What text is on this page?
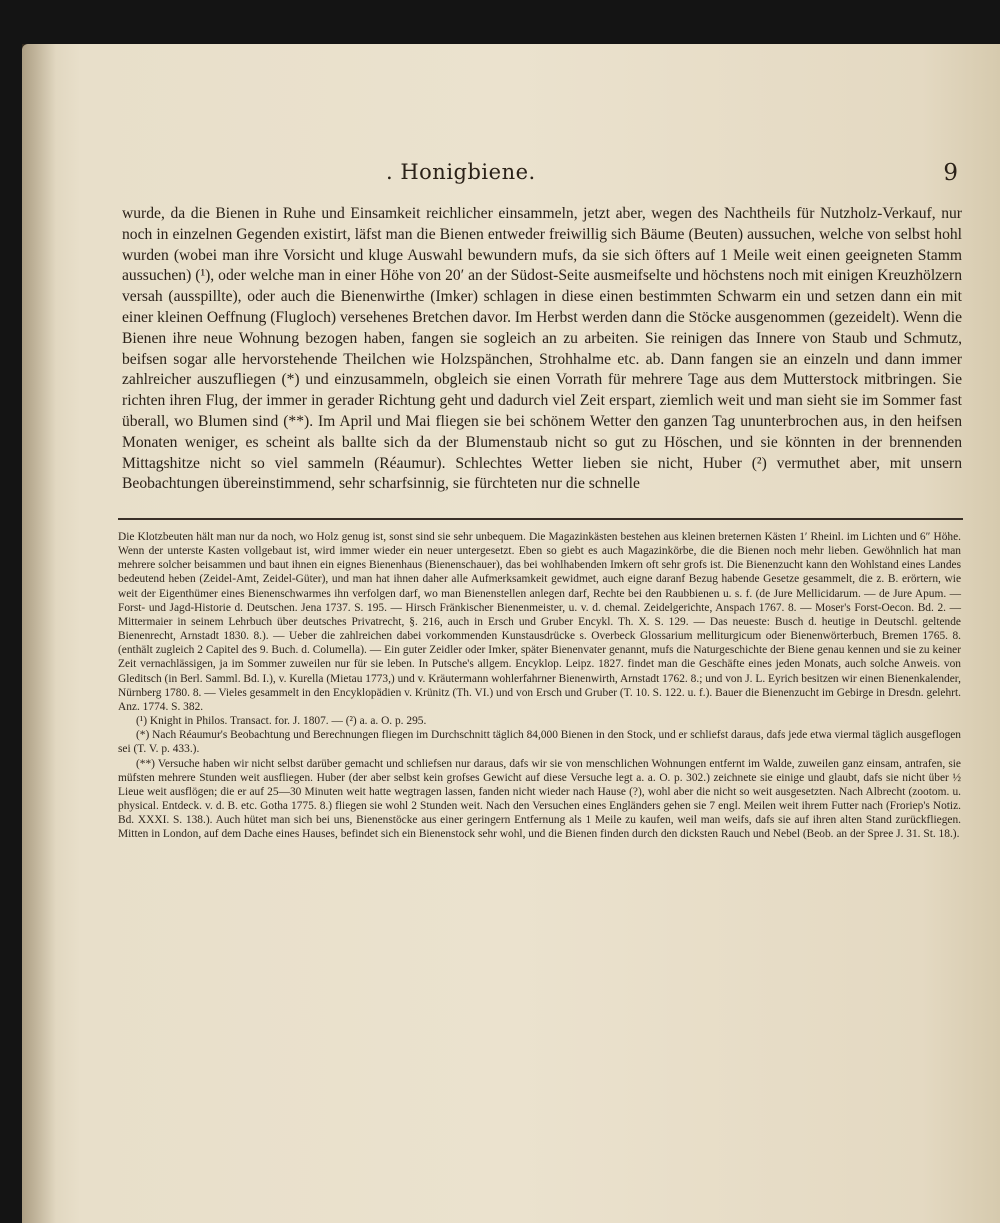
. Honigbiene.	9

wurde, da die Bienen in Ruhe und Einsamkeit reichlicher einsammeln, jetzt aber, wegen des Nachtheils für Nutzholz-Verkauf, nur noch in einzelnen Gegenden existirt, läfst man die Bienen entweder freiwillig sich Bäume (Beuten) aussuchen, welche von selbst hohl wurden (wobei man ihre Vorsicht und kluge Auswahl bewundern mufs, da sie sich öfters auf 1 Meile weit einen geeigneten Stamm aussuchen) (¹), oder welche man in einer Höhe von 20′ an der Südost-Seite ausmeifselte und höchstens noch mit einigen Kreuzhölzern versah (ausspillte), oder auch die Bienenwirthe (Imker) schlagen in diese einen bestimmten Schwarm ein und setzen dann ein mit einer kleinen Oeffnung (Flugloch) versehenes Bretchen davor. Im Herbst werden dann die Stöcke ausgenommen (gezeidelt). Wenn die Bienen ihre neue Wohnung bezogen haben, fangen sie sogleich an zu arbeiten. Sie reinigen das Innere von Staub und Schmutz, beifsen sogar alle hervorstehende Theilchen wie Holzspänchen, Strohhalme etc. ab. Dann fangen sie an einzeln und dann immer zahlreicher auszufliegen (*) und einzusammeln, obgleich sie einen Vorrath für mehrere Tage aus dem Mutterstock mitbringen. Sie richten ihren Flug, der immer in gerader Richtung geht und dadurch viel Zeit erspart, ziemlich weit und man sieht sie im Sommer fast überall, wo Blumen sind (**). Im April und Mai fliegen sie bei schönem Wetter den ganzen Tag ununterbrochen aus, in den heifsen Monaten weniger, es scheint als ballte sich da der Blumenstaub nicht so gut zu Höschen, und sie könnten in der brennenden Mittagshitze nicht so viel sammeln (Réaumur). Schlechtes Wetter lieben sie nicht, Huber (²) vermuthet aber, mit unsern Beobachtungen übereinstimmend, sehr scharfsinnig, sie fürchteten nur die schnelle

Die Klotzbeuten hält man nur da noch, wo Holz genug ist, sonst sind sie sehr unbequem. Die Magazinkästen bestehen aus kleinen breternen Kästen 1′ Rheinl. im Lichten und 6″ Höhe. Wenn der unterste Kasten vollgebaut ist, wird immer wieder ein neuer untergesetzt. Eben so giebt es auch Magazinkörbe, die die Bienen noch mehr lieben. Gewöhnlich hat man mehrere solcher beisammen und baut ihnen ein eignes Bienenhaus (Bienenschauer), das bei wohlhabenden Imkern oft sehr grofs ist. Die Bienenzucht kann den Wohlstand eines Landes bedeutend heben (Zeidel-Amt, Zeidel-Güter), und man hat ihnen daher alle Aufmerksamkeit gewidmet, auch eigne daranf Bezug habende Gesetze gesammelt, die z. B. erörtern, wie weit der Eigenthümer eines Bienenschwarmes ihn verfolgen darf, wo man Bienenstellen anlegen darf, Rechte bei den Raubbienen u. s. f. (de Jure Mellicidarum. — de Jure Apum. — Forst- und Jagd-Historie d. Deutschen. Jena 1737. S. 195. — Hirsch Fränkischer Bienenmeister, u. v. d. chemal. Zeidelgerichte, Anspach 1767. 8. — Moser's Forst-Oecon. Bd. 2. — Mittermaier in seinem Lehrbuch über deutsches Privatrecht, §. 216, auch in Ersch und Gruber Encykl. Th. X. S. 129. — Das neueste: Busch d. heutige in Deutschl. geltende Bienenrecht, Arnstadt 1830. 8.). — Ueber die zahlreichen dabei vorkommenden Kunstausdrücke s. Overbeck Glossarium melliturgicum oder Bienenwörterbuch, Bremen 1765. 8. (enthält zugleich 2 Capitel des 9. Buch. d. Columella). — Ein guter Zeidler oder Imker, später Bienenvater genannt, mufs die Naturgeschichte der Biene genau kennen und sie zu keiner Zeit vernachlässigen, ja im Sommer zuweilen nur für sie leben. In Putsche's allgem. Encyklop. Leipz. 1827. findet man die Geschäfte eines jeden Monats, auch solche Anweis. von Gleditsch (in Berl. Samml. Bd. I.), v. Kurella (Mietau 1773,) und v. Kräutermann wohlerfahrner Bienenwirth, Arnstadt 1762. 8.; und von J. L. Eyrich besitzen wir einen Bienenkalender, Nürnberg 1780. 8. — Vieles gesammelt in den Encyklopädien v. Krünitz (Th. VI.) und von Ersch und Gruber (T. 10. S. 122. u. f.). Bauer die Bienenzucht im Gebirge in Dresdn. gelehrt. Anz. 1774. S. 382.

(¹) Knight in Philos. Transact. for. J. 1807. — (²) a. a. O. p. 295.

(*) Nach Réaumur's Beobachtung und Berechnungen fliegen im Durchschnitt täglich 84,000 Bienen in den Stock, und er schliefst daraus, dafs jede etwa viermal täglich ausgeflogen sei (T. V. p. 433.).

(**) Versuche haben wir nicht selbst darüber gemacht und schliefsen nur daraus, dafs wir sie von menschlichen Wohnungen entfernt im Walde, zuweilen ganz einsam, antrafen, sie müfsten mehrere Stunden weit ausfliegen. Huber (der aber selbst kein grofses Gewicht auf diese Versuche legt a. a. O. p. 302.) zeichnete sie einige und glaubt, dafs sie nicht über ½ Lieue weit ausflögen; die er auf 25—30 Minuten weit hatte wegtragen lassen, fanden nicht wieder nach Hause (?), wohl aber die nicht so weit ausgesetzten. Nach Albrecht (zootom. u. physical. Entdeck. v. d. B. etc. Gotha 1775. 8.) fliegen sie wohl 2 Stunden weit. Nach den Versuchen eines Engländers gehen sie 7 engl. Meilen weit ihrem Futter nach (Froriep's Notiz. Bd. XXXI. S. 138.). Auch hütet man sich bei uns, Bienenstöcke aus einer geringern Entfernung als 1 Meile zu kaufen, weil man weifs, dafs sie auf ihren alten Stand zurückfliegen. Mitten in London, auf dem Dache eines Hauses, befindet sich ein Bienenstock sehr wohl, und die Bienen finden durch den dicksten Rauch und Nebel (Beob. an der Spree J. 31. St. 18.).
